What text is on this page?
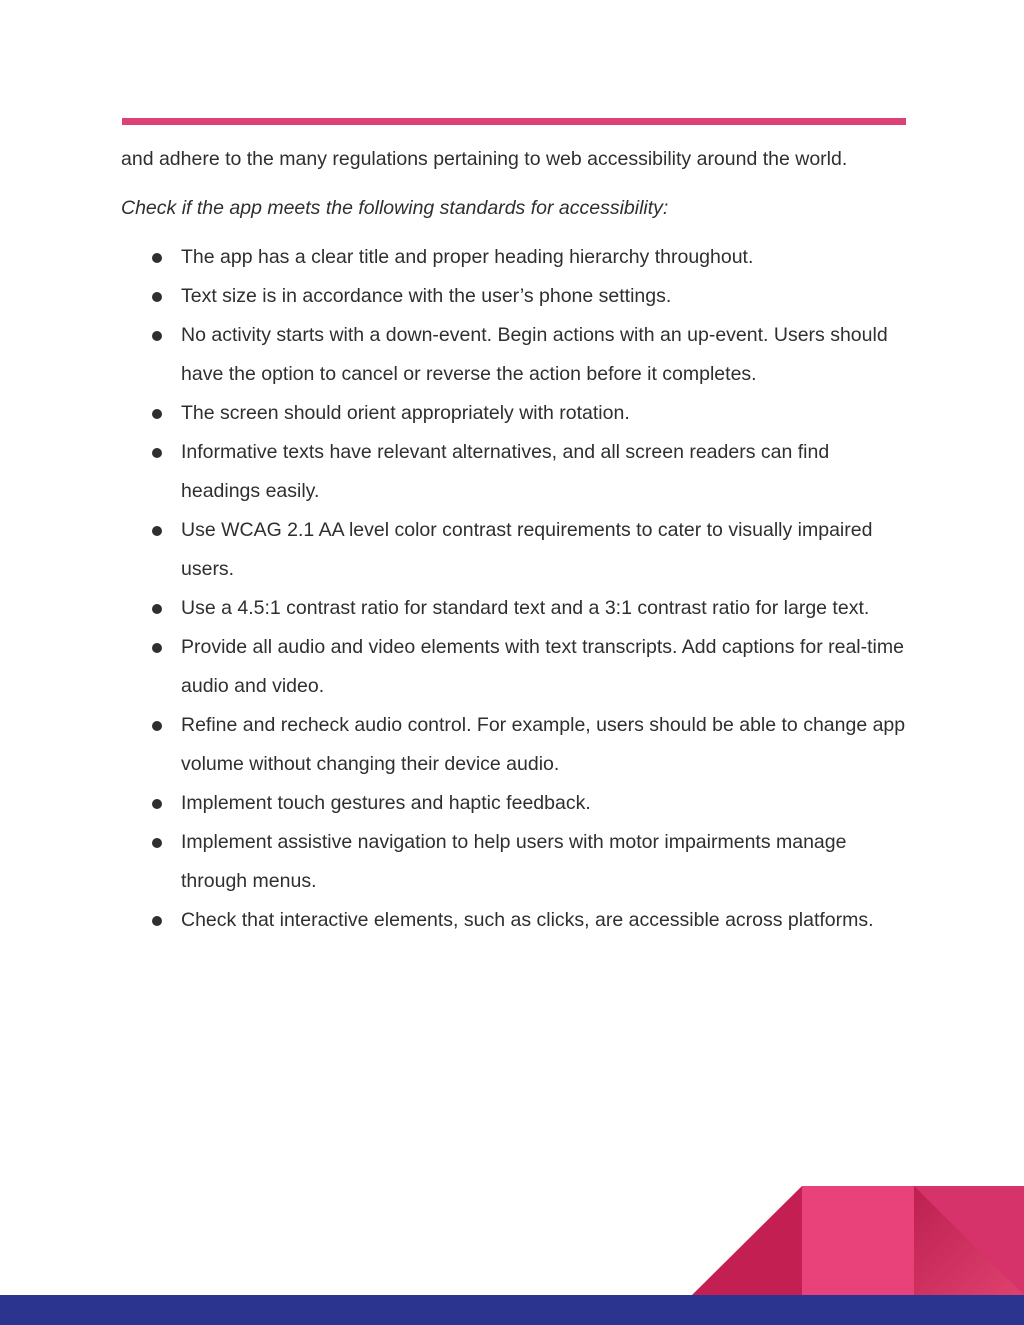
and adhere to the many regulations pertaining to web accessibility around the world.

Check if the app meets the following standards for accessibility:

The app has a clear title and proper heading hierarchy throughout.
Text size is in accordance with the user’s phone settings.
No activity starts with a down-event. Begin actions with an up-event. Users should have the option to cancel or reverse the action before it completes.
The screen should orient appropriately with rotation.
Informative texts have relevant alternatives, and all screen readers can find headings easily.
Use WCAG 2.1 AA level color contrast requirements to cater to visually impaired users.
Use a 4.5:1 contrast ratio for standard text and a 3:1 contrast ratio for large text.
Provide all audio and video elements with text transcripts. Add captions for real-time audio and video.
Refine and recheck audio control. For example, users should be able to change app volume without changing their device audio.
Implement touch gestures and haptic feedback.
Implement assistive navigation to help users with motor impairments manage through menus.
Check that interactive elements, such as clicks, are accessible across platforms.
